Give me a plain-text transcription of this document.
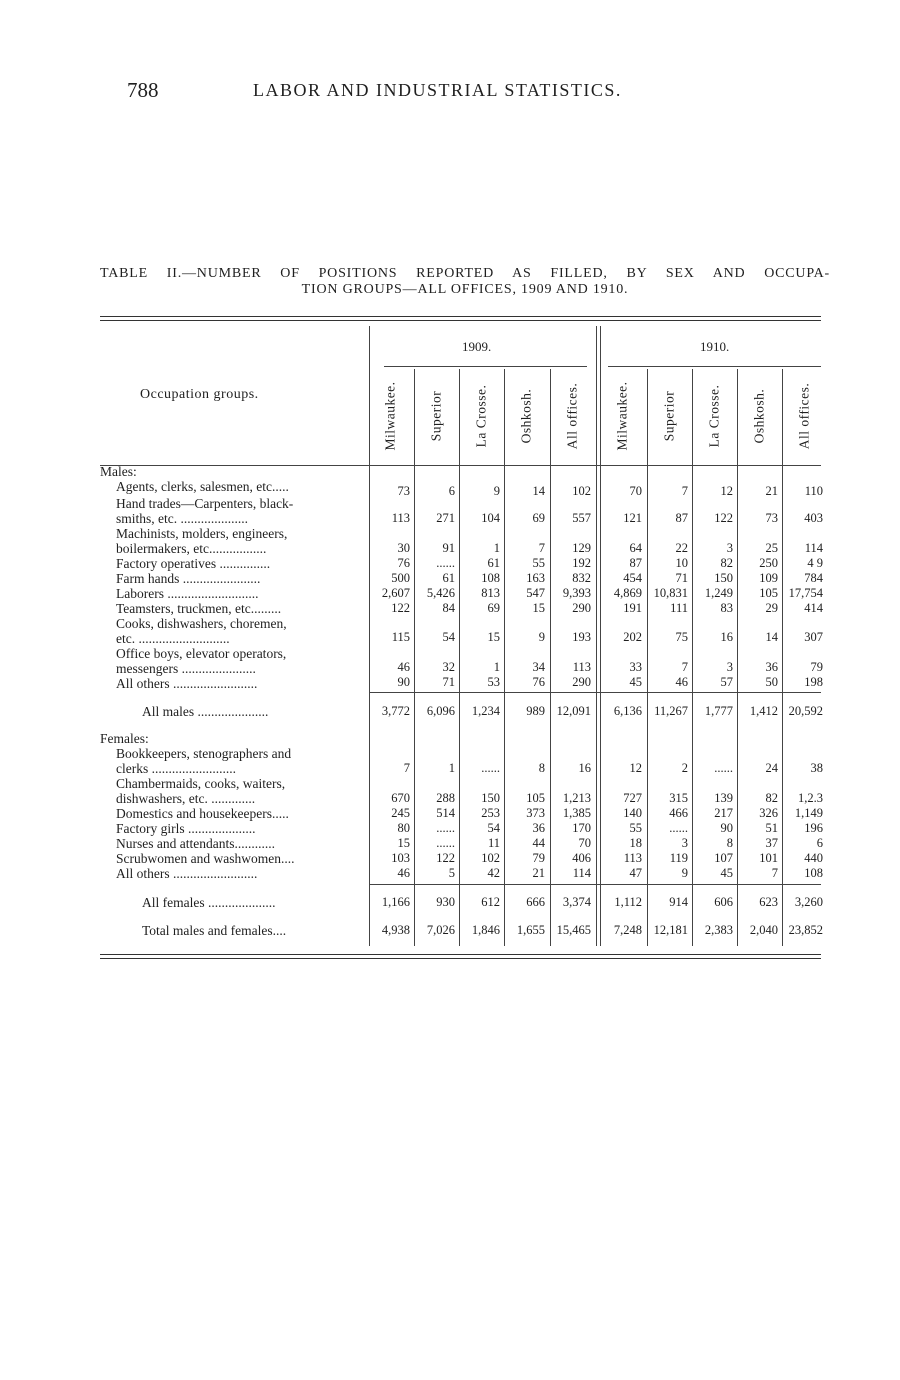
788	LABOR AND INDUSTRIAL STATISTICS.
TABLE II.—NUMBER OF POSITIONS REPORTED AS FILLED, BY SEX AND OCCUPA-
TION GROUPS—ALL OFFICES, 1909 AND 1910.
Occupation groups.
1909.	1910.
Milwaukee. Superior La Crosse. Oshkosh. All offices.	Milwaukee. Superior La Crosse. Oshkosh. All offices.
Males:
Females:
Agents, clerks, salesmen, etc.....	73	6	9	14	102	70	7	12	21	110
Hand trades—Carpenters, black-
smiths, etc. ....................	113	271	104	69	557	121	87	122	73	403
Machinists, molders, engineers,
boilermakers, etc.................	30	91	1	7	129	64	22	3	25	114
Factory operatives ...............	76	......	61	55	192	87	10	82	250	4 9
Farm hands .......................	500	61	108	163	832	454	71	150	109	784
Laborers ...........................	2,607	5,426	813	547	9,393	4,869 10,831	1,249	105 17,754
Teamsters, truckmen, etc.........	122	84	69	15	290	191	111	83	29	414
Cooks, dishwashers, choremen,
etc. ...........................	115	54	15	9	193	202	75	16	14	307
Office boys, elevator operators,
messengers ......................	46	32	1	34	113	33	7	3	36	79
All others .........................	90	71	53	76	290	45	46	57	50	198
All males .....................	3,772	6,096	1,234	989 12,091	6,136 11,267	1,777	1,412 20,592
Bookkeepers, stenographers and
clerks .........................	7	1	......	8	16	12	2	......	24	38
Chambermaids, cooks, waiters,
dishwashers, etc. .............	670	288	150	105	1,213	727	315	139	82	1,2.3
Domestics and housekeepers.....	245	514	253	373	1,385	140	466	217	326	1,149
Factory girls ....................	80	......	54	36	170	55	......	90	51	196
Nurses and attendants............	15	......	11	44	70	18	3	8	37	6
Scrubwomen and washwomen....	103	122	102	79	406	113	119	107	101	440
All others .........................	46	5	42	21	114	47	9	45	7	108
All females ....................	1,166	930	612	666	3,374	1,112	914	606	623	3,260
Total males and females....	4,938	7,026	1,846	1,655 15,465	7,248 12,181	2,383	2,040 23,852
